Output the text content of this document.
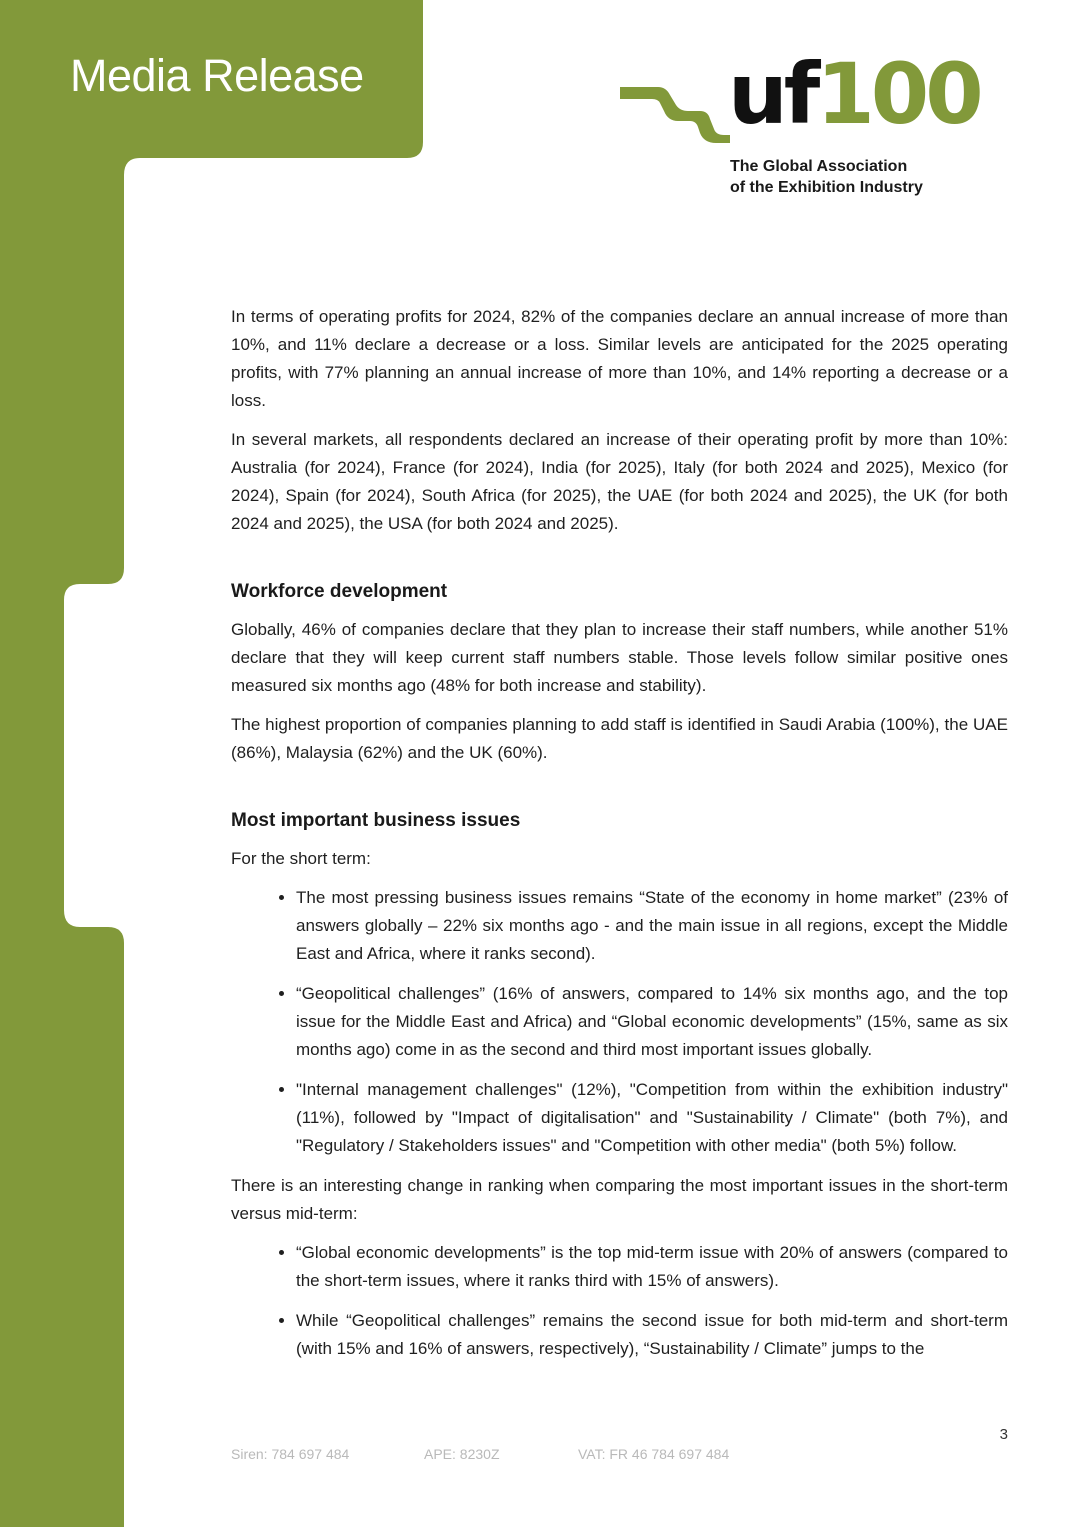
Media Release	uf100
The Global Association
of the Exhibition Industry

In terms of operating profits for 2024, 82% of the companies declare an annual increase of more than 10%, and 11% declare a decrease or a loss. Similar levels are anticipated for the 2025 operating profits, with 77% planning an annual increase of more than 10%, and 14% reporting a decrease or a loss.

In several markets, all respondents declared an increase of their operating profit by more than 10%: Australia (for 2024), France (for 2024), India (for 2025), Italy (for both 2024 and 2025), Mexico (for 2024), Spain (for 2024), South Africa (for 2025), the UAE (for both 2024 and 2025), the UK (for both 2024 and 2025), the USA (for both 2024 and 2025).

Workforce development

Globally, 46% of companies declare that they plan to increase their staff numbers, while another 51% declare that they will keep current staff numbers stable. Those levels follow similar positive ones measured six months ago (48% for both increase and stability).

The highest proportion of companies planning to add staff is identified in Saudi Arabia (100%), the UAE (86%), Malaysia (62%) and the UK (60%).

Most important business issues

For the short term:

• The most pressing business issues remains “State of the economy in home market” (23% of answers globally – 22% six months ago - and the main issue in all regions, except the Middle East and Africa, where it ranks second).
• “Geopolitical challenges” (16% of answers, compared to 14% six months ago, and the top issue for the Middle East and Africa) and “Global economic developments” (15%, same as six months ago) come in as the second and third most important issues globally.
• "Internal management challenges" (12%), "Competition from within the exhibition industry" (11%), followed by "Impact of digitalisation" and "Sustainability / Climate" (both 7%), and "Regulatory / Stakeholders issues" and "Competition with other media" (both 5%) follow.

There is an interesting change in ranking when comparing the most important issues in the short-term versus mid-term:

• “Global economic developments” is the top mid-term issue with 20% of answers (compared to the short-term issues, where it ranks third with 15% of answers).
• While “Geopolitical challenges” remains the second issue for both mid-term and short-term (with 15% and 16% of answers, respectively), “Sustainability / Climate” jumps to the
3
Siren: 784 697 484	APE: 8230Z	VAT: FR 46 784 697 484
